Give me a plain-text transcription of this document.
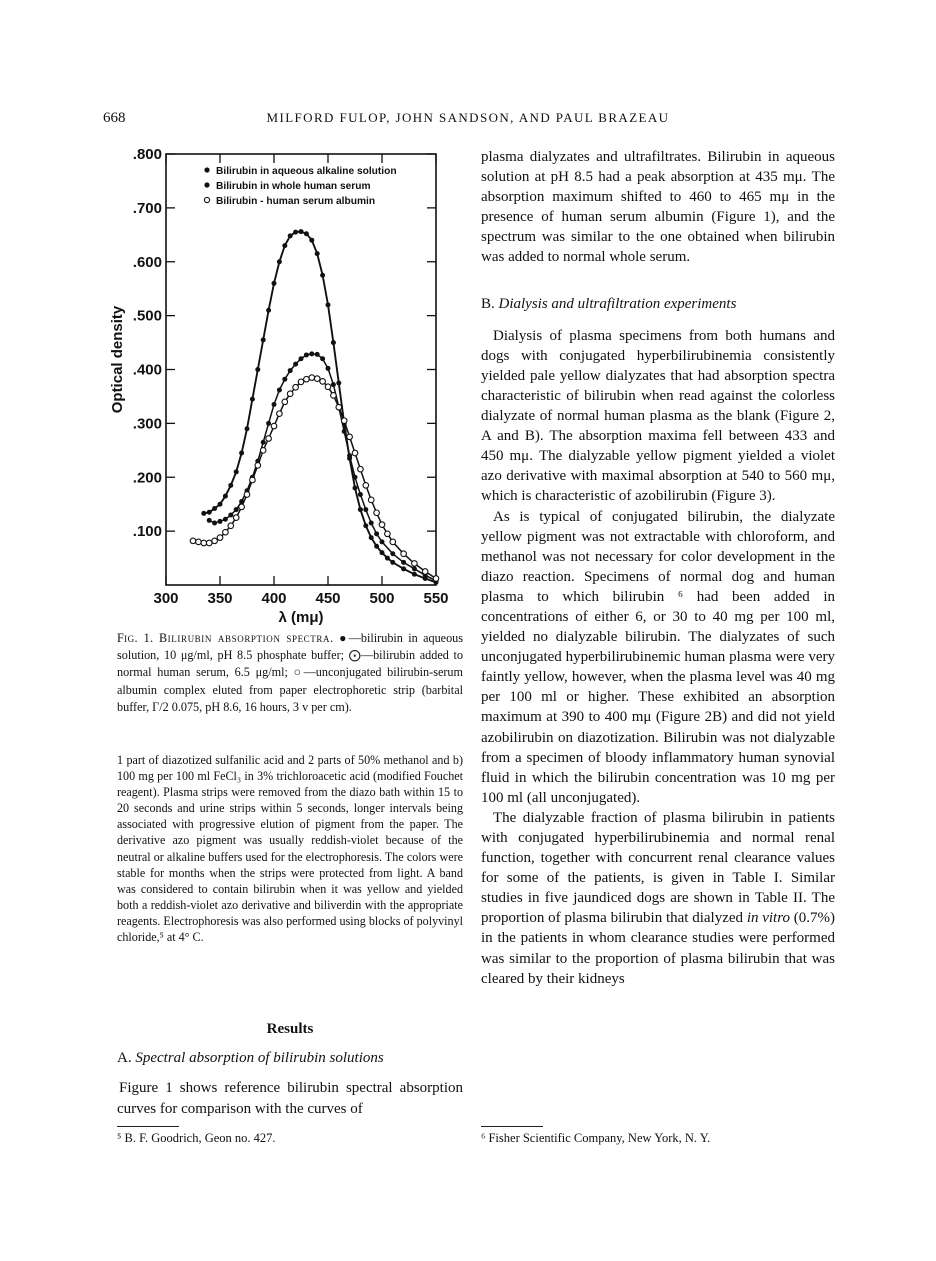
668	MILFORD FULOP, JOHN SANDSON, AND PAUL BRAZEAU
.100
.200
.300
.400
.500
.600
.700
.800
300 350 400 450 500 550
λ (mμ)
Optical density
Bilirubin in aqueous alkaline solution
Bilirubin in whole human serum
Bilirubin - human serum albumin
Fig. 1. Bilirubin absorption spectra. ●—bilirubin in aqueous solution, 10 μg/ml, pH 8.5 phosphate buffer; ⨀—bilirubin added to normal human serum, 6.5 μg/ml; ○—unconjugated bilirubin-serum albumin complex eluted from paper electrophoretic strip (barbital buffer, Γ/2 0.075, pH 8.6, 16 hours, 3 v per cm).

1 part of diazotized sulfanilic acid and 2 parts of 50% methanol and b) 100 mg per 100 ml FeCl₃ in 3% trichloroacetic acid (modified Fouchet reagent). Plasma strips were removed from the diazo bath within 15 to 20 seconds and urine strips within 5 seconds, longer intervals being associated with progressive elution of pigment from the paper. The derivative azo pigment was usually reddish-violet because of the neutral or alkaline buffers used for the electrophoresis. The colors were stable for months when the strips were protected from light. A band was considered to contain bilirubin when it was yellow and yielded both a reddish-violet azo derivative and biliverdin with the appropriate reagents. Electrophoresis was also performed using blocks of polyvinyl chloride,⁵ at 4° C.

Results
A. Spectral absorption of bilirubin solutions

Figure 1 shows reference bilirubin spectral absorption curves for comparison with the curves of

⁵ B. F. Goodrich, Geon no. 427.

plasma dialyzates and ultrafiltrates. Bilirubin in aqueous solution at pH 8.5 had a peak absorption at 435 mμ. The absorption maximum shifted to 460 to 465 mμ in the presence of human serum albumin (Figure 1), and the spectrum was similar to the one obtained when bilirubin was added to normal whole serum.

B. Dialysis and ultrafiltration experiments

Dialysis of plasma specimens from both humans and dogs with conjugated hyperbilirubinemia consistently yielded pale yellow dialyzates that had absorption spectra characteristic of bilirubin when read against the colorless dialyzate of normal human plasma as the blank (Figure 2, A and B). The absorption maxima fell between 433 and 450 mμ. The dialyzable yellow pigment yielded a violet azo derivative with maximal absorption at 540 to 560 mμ, which is characteristic of azobilirubin (Figure 3).

As is typical of conjugated bilirubin, the dialyzate yellow pigment was not extractable with chloroform, and methanol was not necessary for color development in the diazo reaction. Specimens of normal dog and human plasma to which bilirubin ⁶ had been added in concentrations of either 6, or 30 to 40 mg per 100 ml, yielded no dialyzable bilirubin. The dialyzates of such unconjugated hyperbilirubinemic human plasma were very faintly yellow, however, when the plasma level was 40 mg per 100 ml or higher. These exhibited an absorption maximum at 390 to 400 mμ (Figure 2B) and did not yield azobilirubin on diazotization. Bilirubin was not dialyzable from a specimen of bloody inflammatory human synovial fluid in which the bilirubin concentration was 10 mg per 100 ml (all unconjugated).

The dialyzable fraction of plasma bilirubin in patients with conjugated hyperbilirubinemia and normal renal function, together with concurrent renal clearance values for some of the patients, is given in Table I. Similar studies in five jaundiced dogs are shown in Table II. The proportion of plasma bilirubin that dialyzed in vitro (0.7%) in the patients in whom clearance studies were performed was similar to the proportion of plasma bilirubin that was cleared by their kidneys

⁶ Fisher Scientific Company, New York, N. Y.
